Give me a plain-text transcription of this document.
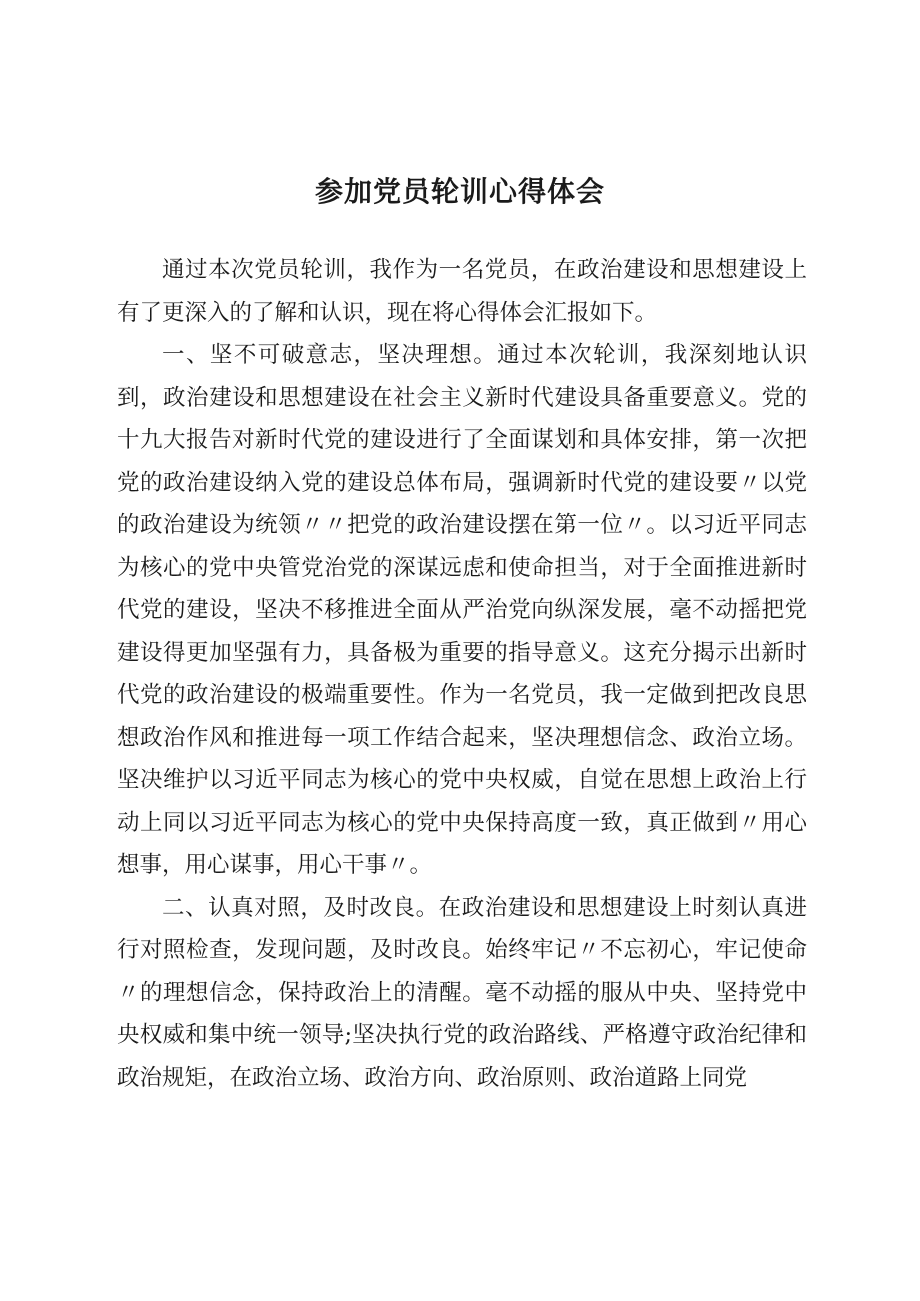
参加党员轮训心得体会

通过本次党员轮训，我作为一名党员，在政治建设和思想建设上有了更深入的了解和认识，现在将心得体会汇报如下。

一、坚不可破意志，坚决理想。通过本次轮训，我深刻地认识到，政治建设和思想建设在社会主义新时代建设具备重要意义。党的十九大报告对新时代党的建设进行了全面谋划和具体安排，第一次把党的政治建设纳入党的建设总体布局，强调新时代党的建设要〃以党的政治建设为统领〃〃把党的政治建设摆在第一位〃。以习近平同志为核心的党中央管党治党的深谋远虑和使命担当，对于全面推进新时代党的建设，坚决不移推进全面从严治党向纵深发展，毫不动摇把党建设得更加坚强有力，具备极为重要的指导意义。这充分揭示出新时代党的政治建设的极端重要性。作为一名党员，我一定做到把改良思想政治作风和推进每一项工作结合起来，坚决理想信念、政治立场。坚决维护以习近平同志为核心的党中央权威，自觉在思想上政治上行动上同以习近平同志为核心的党中央保持高度一致，真正做到〃用心想事，用心谋事，用心干事〃。

二、认真对照，及时改良。在政治建设和思想建设上时刻认真进行对照检查，发现问题，及时改良。始终牢记〃不忘初心，牢记使命〃的理想信念，保持政治上的清醒。毫不动摇的服从中央、坚持党中央权威和集中统一领导;坚决执行党的政治路线、严格遵守政治纪律和政治规矩，在政治立场、政治方向、政治原则、政治道路上同党
